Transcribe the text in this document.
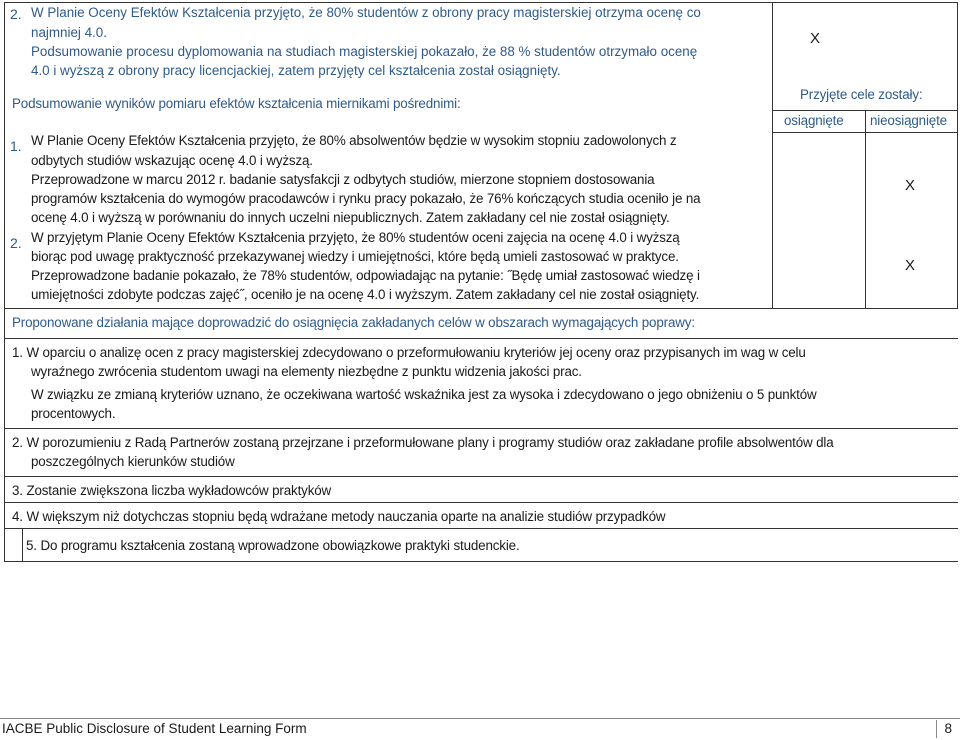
2. W Planie Oceny Efektów Kształcenia przyjęto, że 80% studentów z obrony pracy magisterskiej otrzyma ocenę co
najmniej 4.0.
Podsumowanie procesu dyplomowania na studiach magisterskiej pokazało, że 88 % studentów otrzymało ocenę
4.0 i wyższą z obrony pracy licencjackiej, zatem przyjęty cel kształcenia został osiągnięty.
X
Podsumowanie wyników pomiaru efektów kształcenia miernikami pośrednimi:
Przyjęte cele zostały:
osiągnięte nieosiągnięte
1. W Planie Oceny Efektów Kształcenia przyjęto, że 80% absolwentów będzie w wysokim stopniu zadowolonych z
odbytych studiów wskazując ocenę 4.0 i wyższą.
Przeprowadzone w marcu 2012 r. badanie satysfakcji z odbytych studiów, mierzone stopniem dostosowania
programów kształcenia do wymogów pracodawców i rynku pracy pokazało, że 76% kończących studia oceniło je na
ocenę 4.0 i wyższą w porównaniu do innych uczelni niepublicznych. Zatem zakładany cel nie został osiągnięty.
X
2. W przyjętym Planie Oceny Efektów Kształcenia przyjęto, że 80% studentów oceni zajęcia na ocenę 4.0 i wyższą
biorąc pod uwagę praktyczność przekazywanej wiedzy i umiejętności, które będą umieli zastosować w praktyce.
Przeprowadzone badanie pokazało, że 78% studentów, odpowiadając na pytanie: ˝Będę umiał zastosować wiedzę i
umiejętności zdobyte podczas zajęć˝, oceniło je na ocenę 4.0 i wyższym. Zatem zakładany cel nie został osiągnięty.
X
Proponowane działania mające doprowadzić do osiągnięcia zakładanych celów w obszarach wymagających poprawy:
1. W oparciu o analizę ocen z pracy magisterskiej zdecydowano o przeformułowaniu kryteriów jej oceny oraz przypisanych im wag w celu
wyraźnego zwrócenia studentom uwagi na elementy niezbędne z punktu widzenia jakości prac.
W związku ze zmianą kryteriów uznano, że oczekiwana wartość wskaźnika jest za wysoka i zdecydowano o jego obniżeniu o 5 punktów
procentowych.
2. W porozumieniu z Radą Partnerów zostaną przejrzane i przeformułowane plany i programy studiów oraz zakładane profile absolwentów dla
poszczególnych kierunków studiów
3. Zostanie zwiększona liczba wykładowców praktyków
4. W większym niż dotychczas stopniu będą wdrażane metody nauczania oparte na analizie studiów przypadków
5. Do programu kształcenia zostaną wprowadzone obowiązkowe praktyki studenckie.
IACBE Public Disclosure of Student Learning Form	8
